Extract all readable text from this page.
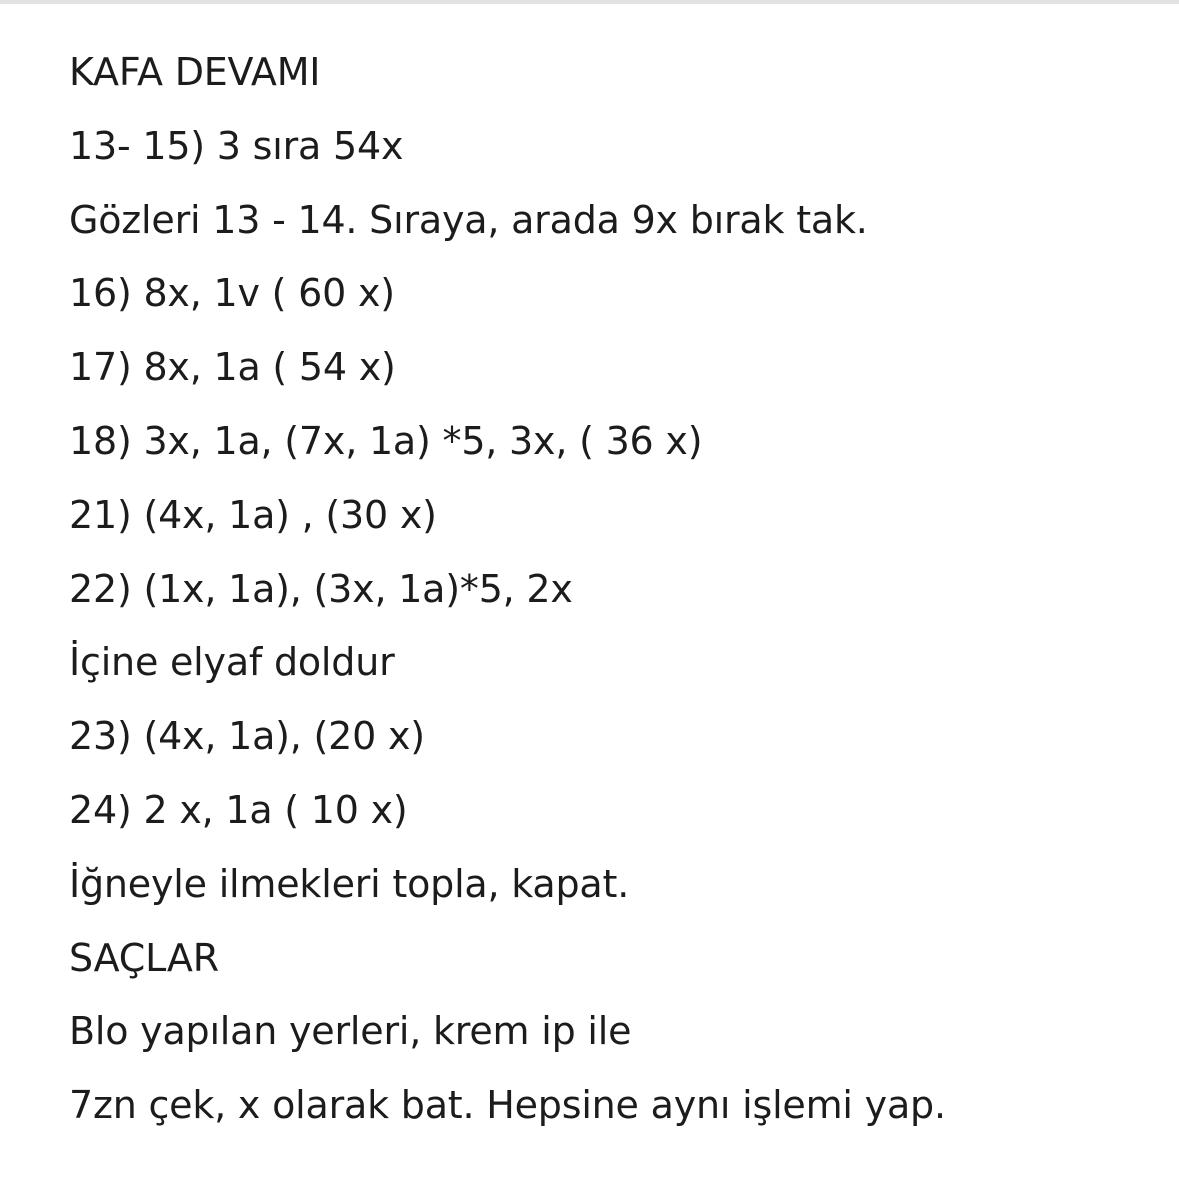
KAFA DEVAMI
13- 15) 3 sıra 54x
Gözleri 13 - 14. Sıraya, arada 9x bırak tak.
16) 8x, 1v ( 60 x)
17) 8x, 1a ( 54 x)
18) 3x, 1a, (7x, 1a) *5, 3x, ( 36 x)
21) (4x, 1a) , (30 x)
22) (1x, 1a), (3x, 1a)*5, 2x
İçine elyaf doldur
23) (4x, 1a), (20 x)
24) 2 x, 1a ( 10 x)
İğneyle ilmekleri topla, kapat.
SAÇLAR
Blo yapılan yerleri, krem ip ile
7zn çek, x olarak bat. Hepsine aynı işlemi yap.
